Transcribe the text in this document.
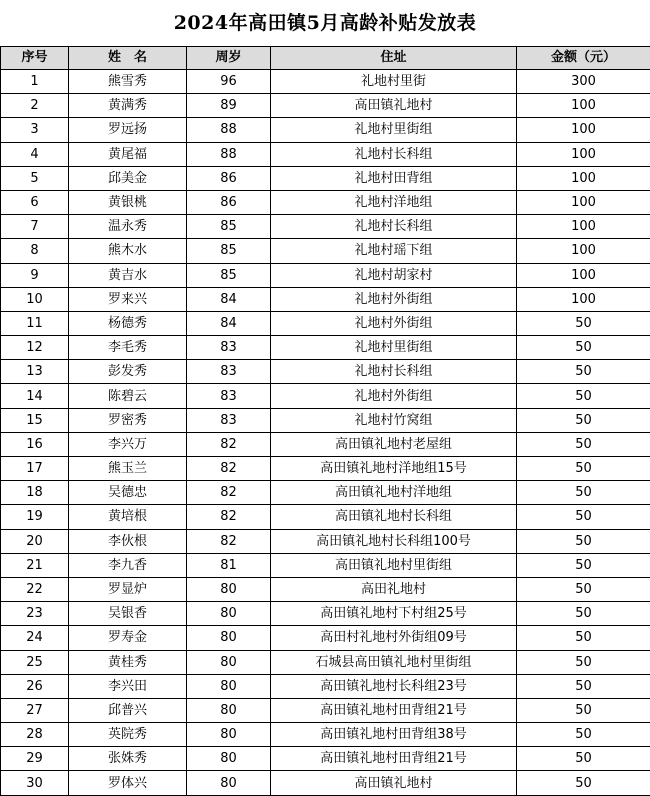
2024年高田镇5月高龄补贴发放表
序号	姓　名	周岁	住址	金额（元）
1	熊雪秀	96	礼地村里街	300
2	黄满秀	89	高田镇礼地村	100
3	罗远扬	88	礼地村里街组	100
4	黄尾福	88	礼地村长科组	100
5	邱美金	86	礼地村田背组	100
6	黄银桃	86	礼地村洋地组	100
7	温永秀	85	礼地村长科组	100
8	熊木水	85	礼地村瑶下组	100
9	黄吉水	85	礼地村胡家村	100
10	罗来兴	84	礼地村外街组	100
11	杨德秀	84	礼地村外街组	50
12	李毛秀	83	礼地村里街组	50
13	彭发秀	83	礼地村长科组	50
14	陈碧云	83	礼地村外街组	50
15	罗密秀	83	礼地村竹窝组	50
16	李兴万	82	高田镇礼地村老屋组	50
17	熊玉兰	82	高田镇礼地村洋地组15号	50
18	吴德忠	82	高田镇礼地村洋地组	50
19	黄培根	82	高田镇礼地村长科组	50
20	李伙根	82	高田镇礼地村长科组100号	50
21	李九香	81	高田镇礼地村里街组	50
22	罗显炉	80	高田礼地村	50
23	吴银香	80	高田镇礼地村下村组25号	50
24	罗寿金	80	高田村礼地村外街组09号	50
25	黄桂秀	80	石城县高田镇礼地村里街组	50
26	李兴田	80	高田镇礼地村长科组23号	50
27	邱普兴	80	高田镇礼地村田背组21号	50
28	英院秀	80	高田镇礼地村田背组38号	50
29	张姝秀	80	高田镇礼地村田背组21号	50
30	罗体兴	80	高田镇礼地村	50
